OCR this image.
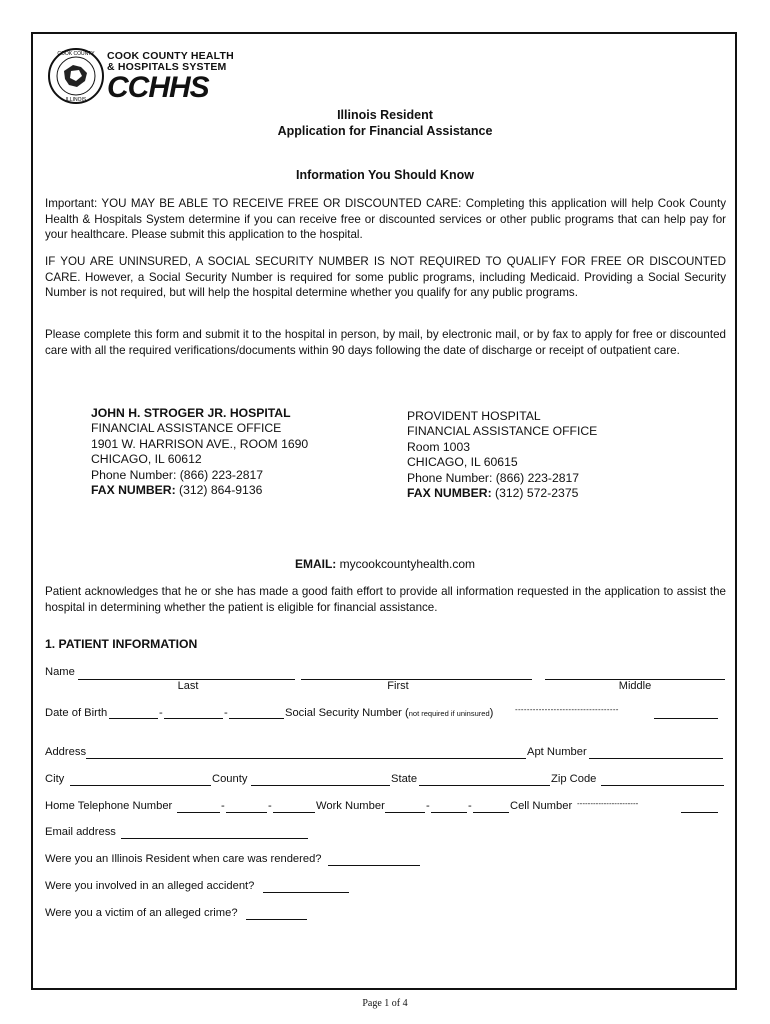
COOK COUNTY
ILLINOIS
COOK COUNTY HEALTH
& HOSPITALS SYSTEM
CCHHS
Illinois Resident
Application for Financial Assistance
Information You Should Know
Important: YOU MAY BE ABLE TO RECEIVE FREE OR DISCOUNTED CARE: Completing this application will help Cook County Health & Hospitals System determine if you can receive free or discounted services or other public programs that can help pay for your healthcare. Please submit this application to the hospital.
IF YOU ARE UNINSURED, A SOCIAL SECURITY NUMBER IS NOT REQUIRED TO QUALIFY FOR FREE OR DISCOUNTED CARE. However, a Social Security Number is required for some public programs, including Medicaid. Providing a Social Security Number is not required, but will help the hospital determine whether you qualify for any public programs.
Please complete this form and submit it to the hospital in person, by mail, by electronic mail, or by fax to apply for free or discounted care with all the required verifications/documents within 90 days following the date of discharge or receipt of outpatient care.
JOHN H. STROGER JR. HOSPITAL
FINANCIAL ASSISTANCE OFFICE
1901 W. HARRISON AVE., ROOM 1690
CHICAGO, IL 60612
Phone Number: (866) 223-2817
FAX NUMBER: (312) 864-9136
PROVIDENT HOSPITAL
FINANCIAL ASSISTANCE OFFICE
Room 1003
CHICAGO, IL 60615
Phone Number: (866) 223-2817
FAX NUMBER: (312) 572-2375
EMAIL: mycookcountyhealth.com
Patient acknowledges that he or she has made a good faith effort to provide all information requested in the application to assist the hospital in determining whether the patient is eligible for financial assistance.
1. PATIENT INFORMATION
Name
Last	First	Middle
Date of Birth	-	-	Social Security Number (not required if uninsured)	-----------------------------------
Address	Apt Number
City	County	State	Zip Code
Home Telephone Number	-	-	Work Number	-	-	Cell Number -----------------------
Email address
Were you an Illinois Resident when care was rendered?
Were you involved in an alleged accident?
Were you a victim of an alleged crime?
Page 1 of 4
